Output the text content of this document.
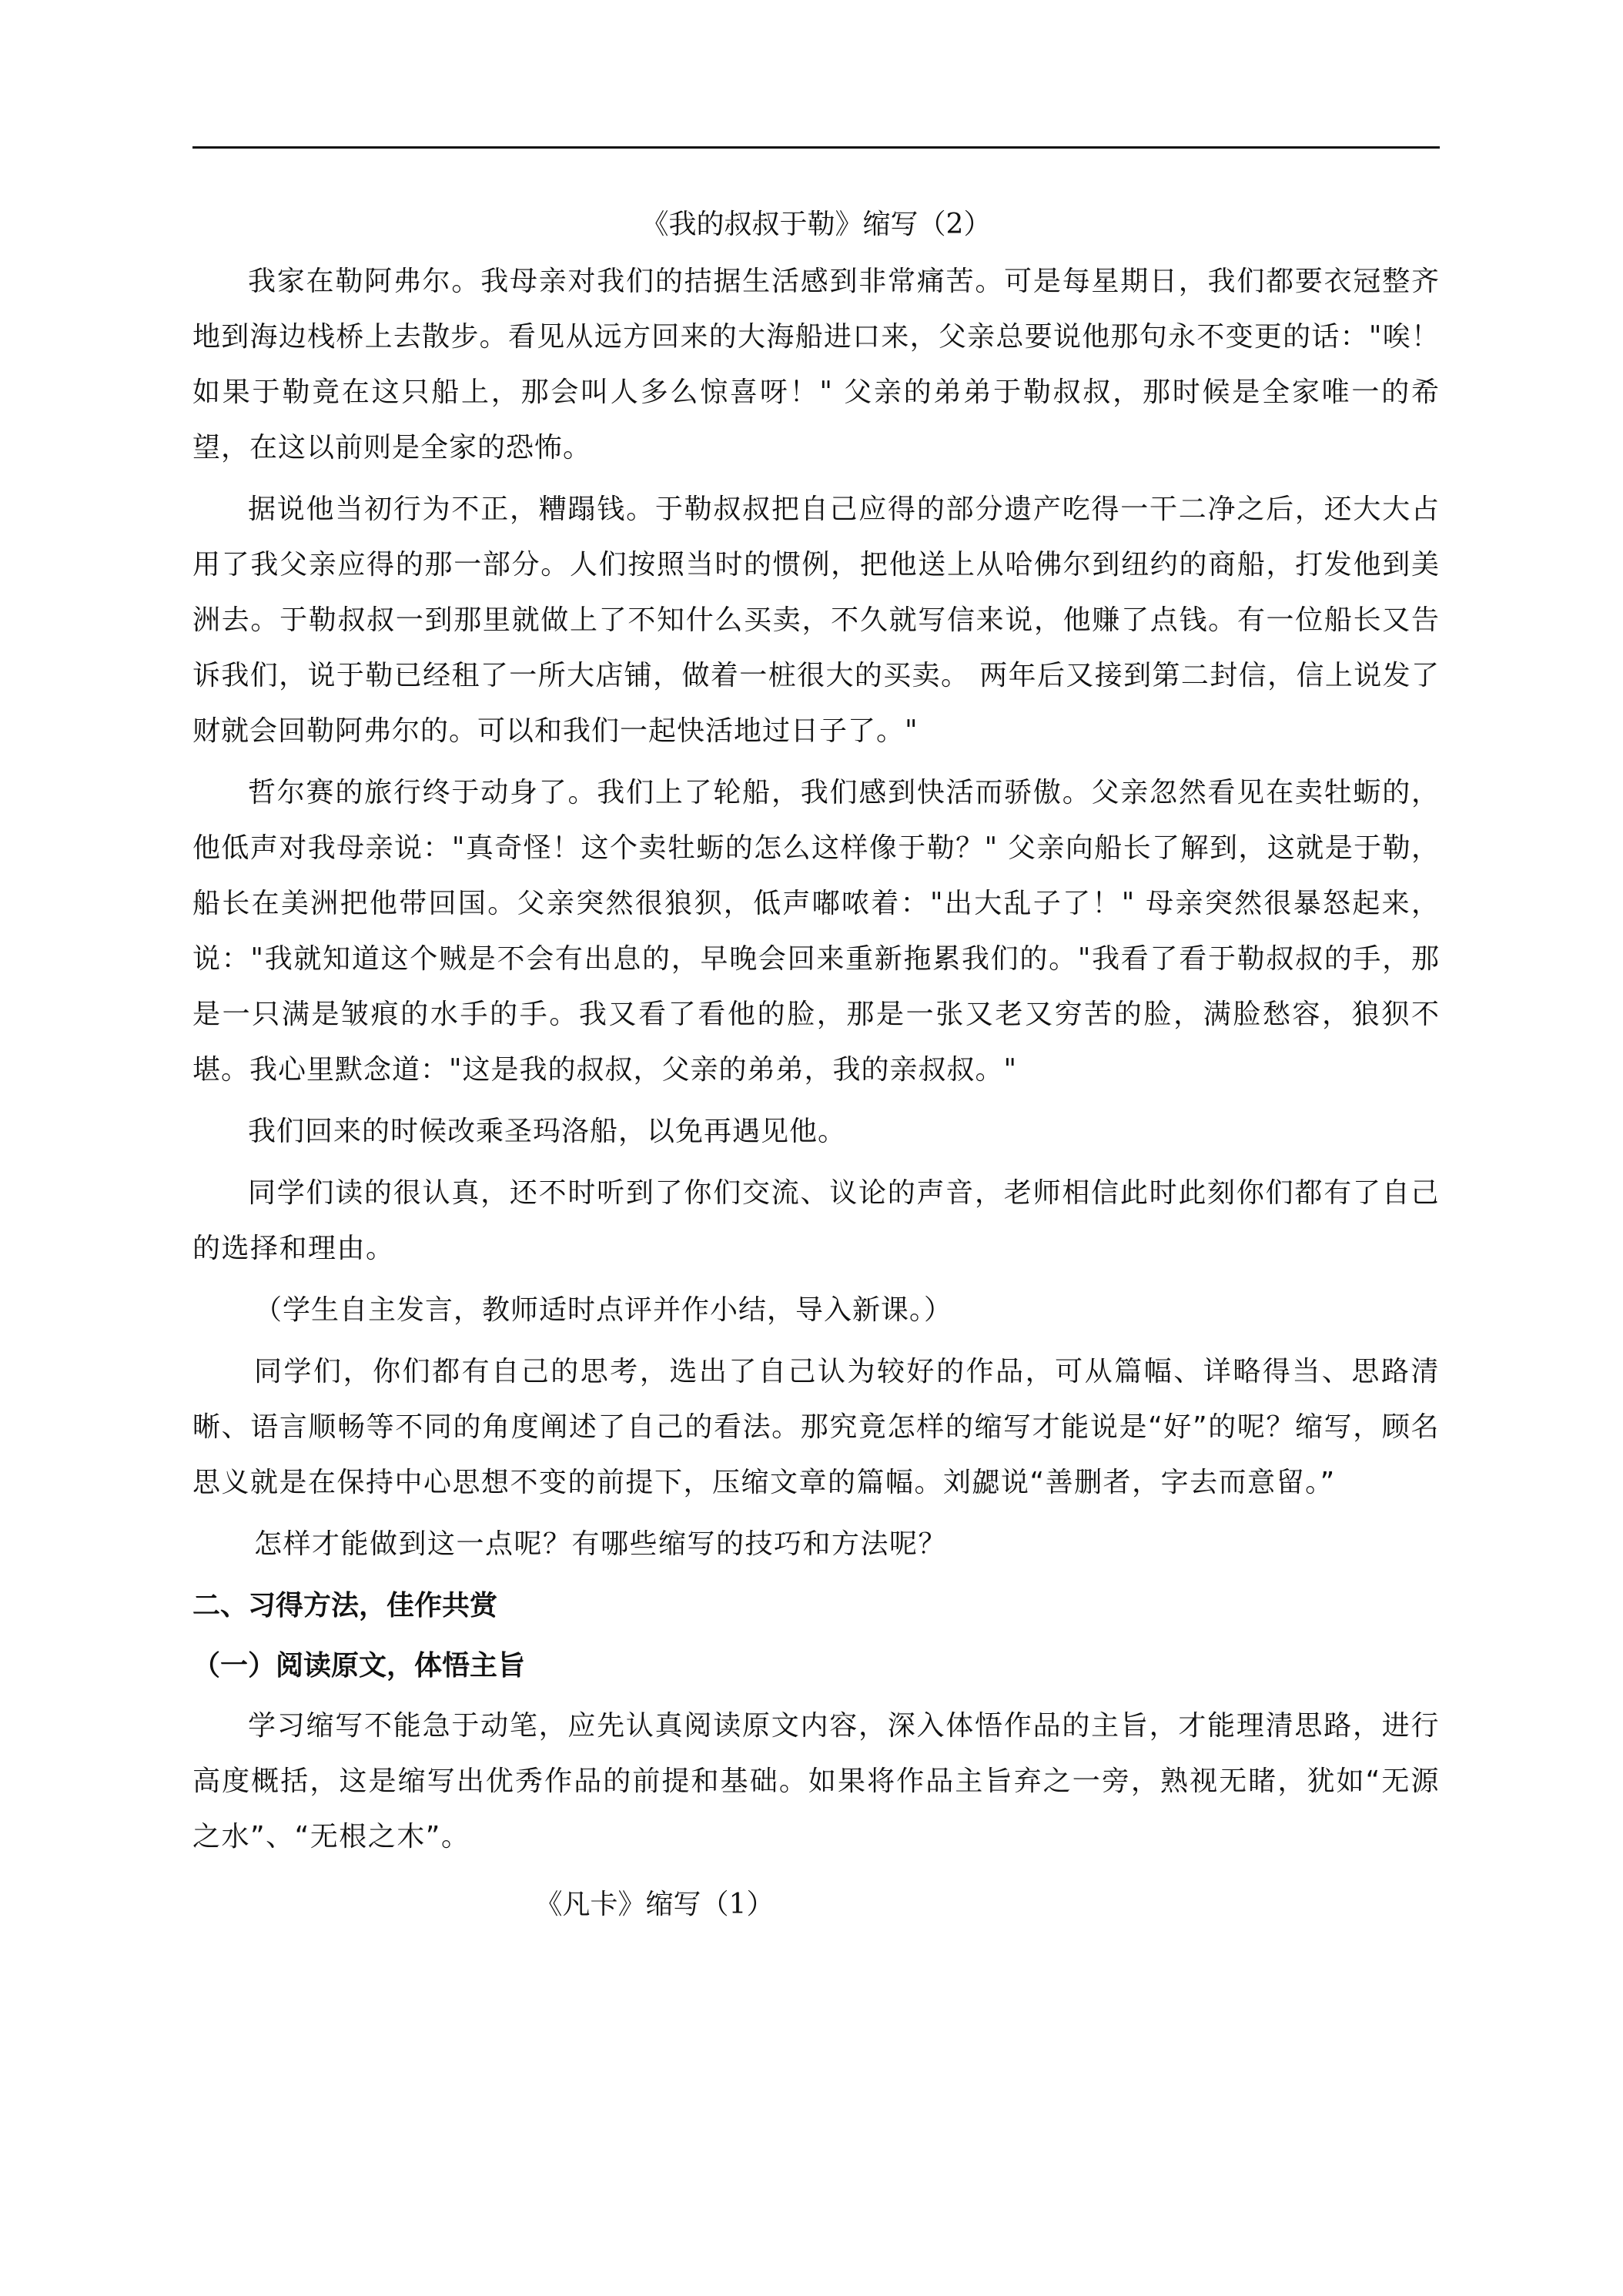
《我的叔叔于勒》缩写（2）

我家在勒阿弗尔。我母亲对我们的拮据生活感到非常痛苦。可是每星期日，我们都要衣冠整齐地到海边栈桥上去散步。看见从远方回来的大海船进口来，父亲总要说他那句永不变更的话："唉！如果于勒竟在这只船上，那会叫人多么惊喜呀！" 父亲的弟弟于勒叔叔，那时候是全家唯一的希望，在这以前则是全家的恐怖。

据说他当初行为不正，糟蹋钱。于勒叔叔把自己应得的部分遗产吃得一干二净之后，还大大占用了我父亲应得的那一部分。人们按照当时的惯例，把他送上从哈佛尔到纽约的商船，打发他到美洲去。于勒叔叔一到那里就做上了不知什么买卖，不久就写信来说，他赚了点钱。有一位船长又告诉我们，说于勒已经租了一所大店铺，做着一桩很大的买卖。 两年后又接到第二封信，信上说发了财就会回勒阿弗尔的。可以和我们一起快活地过日子了。"

哲尔赛的旅行终于动身了。我们上了轮船，我们感到快活而骄傲。父亲忽然看见在卖牡蛎的，他低声对我母亲说："真奇怪！这个卖牡蛎的怎么这样像于勒？" 父亲向船长了解到，这就是于勒，船长在美洲把他带回国。父亲突然很狼狈，低声嘟哝着："出大乱子了！" 母亲突然很暴怒起来，说："我就知道这个贼是不会有出息的，早晚会回来重新拖累我们的。"我看了看于勒叔叔的手，那是一只满是皱痕的水手的手。我又看了看他的脸，那是一张又老又穷苦的脸，满脸愁容，狼狈不堪。我心里默念道："这是我的叔叔，父亲的弟弟，我的亲叔叔。"

我们回来的时候改乘圣玛洛船，以免再遇见他。

同学们读的很认真，还不时听到了你们交流、议论的声音，老师相信此时此刻你们都有了自己的选择和理由。

（学生自主发言，教师适时点评并作小结，导入新课。）

同学们，你们都有自己的思考，选出了自己认为较好的作品，可从篇幅、详略得当、思路清晰、语言顺畅等不同的角度阐述了自己的看法。那究竟怎样的缩写才能说是“好”的呢？缩写，顾名思义就是在保持中心思想不变的前提下，压缩文章的篇幅。刘勰说“善删者，字去而意留。”

怎样才能做到这一点呢？有哪些缩写的技巧和方法呢？

二、习得方法，佳作共赏
（一）阅读原文，体悟主旨

学习缩写不能急于动笔，应先认真阅读原文内容，深入体悟作品的主旨，才能理清思路，进行高度概括，这是缩写出优秀作品的前提和基础。如果将作品主旨弃之一旁，熟视无睹，犹如“无源之水”、“无根之木”。

《凡卡》缩写（1）
